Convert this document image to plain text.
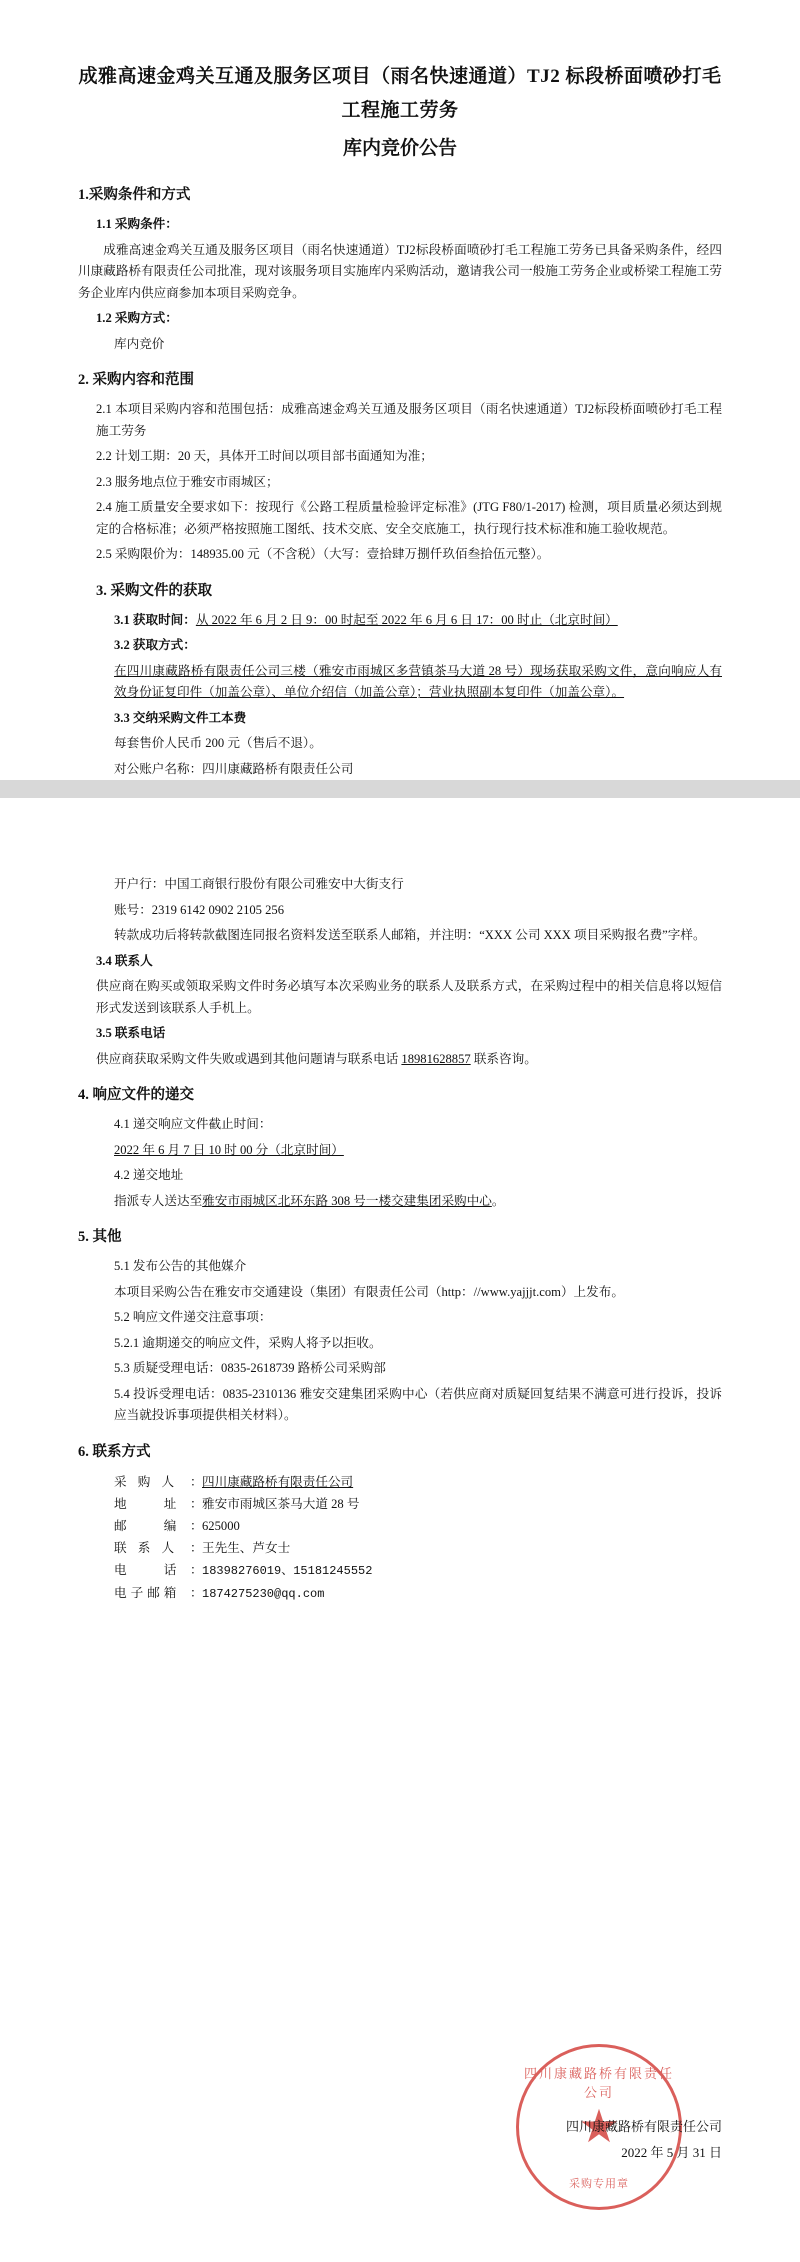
成雅高速金鸡关互通及服务区项目（雨名快速通道）TJ2 标段桥面喷砂打毛工程施工劳务
库内竞价公告
1.采购条件和方式
1.1 采购条件：
成雅高速金鸡关互通及服务区项目（雨名快速通道）TJ2标段桥面喷砂打毛工程施工劳务已具备采购条件，经四川康藏路桥有限责任公司批准，现对该服务项目实施库内采购活动，邀请我公司一般施工劳务企业或桥梁工程施工劳务企业库内供应商参加本项目采购竞争。
1.2 采购方式：
库内竞价
2. 采购内容和范围
2.1 本项目采购内容和范围包括：成雅高速金鸡关互通及服务区项目（雨名快速通道）TJ2标段桥面喷砂打毛工程施工劳务
2.2 计划工期：20 天，具体开工时间以项目部书面通知为准；
2.3 服务地点位于雅安市雨城区；
2.4 施工质量安全要求如下：按现行《公路工程质量检验评定标准》(JTG F80/1-2017) 检测，项目质量必须达到规定的合格标准；必须严格按照施工图纸、技术交底、安全交底施工，执行现行技术标准和施工验收规范。
2.5 采购限价为：148935.00 元（不含税）（大写：壹拾肆万捌仟玖佰叁拾伍元整）。
3. 采购文件的获取
3.1 获取时间：从 2022 年 6 月 2 日 9：00 时起至 2022 年 6 月 6 日 17：00 时止（北京时间）
3.2 获取方式：
在四川康藏路桥有限责任公司三楼（雅安市雨城区多营镇茶马大道 28 号）现场获取采购文件，意向响应人有效身份证复印件（加盖公章）、单位介绍信（加盖公章）；营业执照副本复印件（加盖公章）。
3.3 交纳采购文件工本费
每套售价人民币 200 元（售后不退）。
对公账户名称：四川康藏路桥有限责任公司
开户行：中国工商银行股份有限公司雅安中大街支行
账号：2319 6142 0902 2105 256
转款成功后将转款截图连同报名资料发送至联系人邮箱，并注明：“XXX 公司 XXX 项目采购报名费”字样。
3.4 联系人
供应商在购买或领取采购文件时务必填写本次采购业务的联系人及联系方式，在采购过程中的相关信息将以短信形式发送到该联系人手机上。
3.5 联系电话
供应商获取采购文件失败或遇到其他问题请与联系电话 18981628857 联系咨询。
4. 响应文件的递交
4.1 递交响应文件截止时间：
2022 年 6 月 7 日 10 时 00 分（北京时间）
4.2 递交地址
指派专人送达至雅安市雨城区北环东路 308 号一楼交建集团采购中心。
5. 其他
5.1 发布公告的其他媒介
本项目采购公告在雅安市交通建设（集团）有限责任公司（http：//www.yajjjt.com）上发布。
5.2 响应文件递交注意事项：
5.2.1 逾期递交的响应文件，采购人将予以拒收。
5.3 质疑受理电话：0835-2618739 路桥公司采购部
5.4 投诉受理电话：0835-2310136 雅安交建集团采购中心（若供应商对质疑回复结果不满意可进行投诉，投诉应当就投诉事项提供相关材料）。
6. 联系方式
采 购 人 ： 四川康藏路桥有限责任公司
地　　址 ： 雅安市雨城区茶马大道 28 号
邮　　编 ： 625000
联 系 人 ： 王先生、芦女士
电　　话 ： 18398276019、15181245552
电子邮箱 ： 1874275230@qq.com
四川康藏路桥有限责任公司
★
采购专用章
四川康藏路桥有限责任公司
2022 年 5 月 31 日
